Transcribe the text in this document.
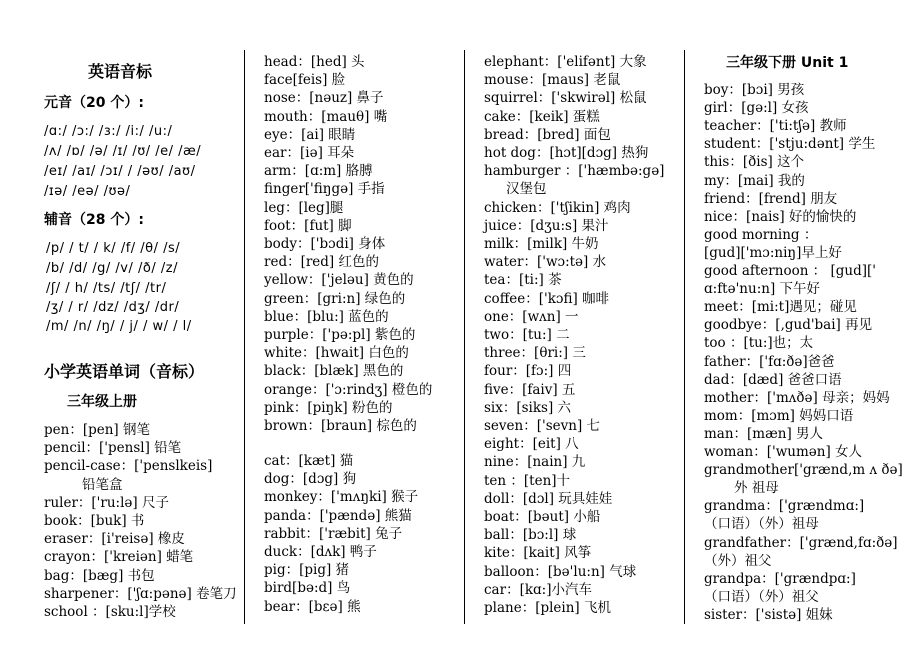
英语音标
元音（20 个）:
/ɑ:/ /ɔ:/ /ɜ:/ /i:/ /u:/
/ʌ/ /ɒ/ /ə/ /ɪ/ /ʊ/ /e/ /æ/
/eɪ/ /aɪ/ /ɔɪ/ / /əʊ/ /aʊ/
/ɪə/ /eə/ /ʊə/
辅音（28 个）:
/p/ / t/ / k/ /f/ /θ/ /s/
/b/ /d/ /g/ /v/ /ð/ /z/
/ʃ/ / h/ /ts/ /tʃ/ /tr/
/ʒ/ / r/ /dz/ /dʒ/ /dr/
/m/ /n/ /ŋ/ / j/ / w/ / l/
小学英语单词（音标）
三年级上册
pen：[pen] 钢笔
pencil：['pensl] 铅笔
pencil-case：['penslkeis]
铅笔盒
ruler：['ru:lə] 尺子
book：[buk] 书
eraser：[i'reisə] 橡皮
crayon：['kreiən] 蜡笔
bag：[bæg] 书包
sharpener：['ʃɑ:pənə] 卷笔刀
school ：[sku:l]学校
head：[hed] 头
face[feis] 脸
nose：[nəuz] 鼻子
mouth：[mauθ] 嘴
eye：[ai] 眼睛
ear：[iə] 耳朵
arm：[ɑ:m] 胳膊
finger['fiŋgə] 手指
leg：[leg]腿
foot：[fut] 脚
body：['bɔdi] 身体
red：[red] 红色的
yellow：['jeləu] 黄色的
green：[gri:n] 绿色的
blue：[blu:] 蓝色的
purple：['pə:pl] 紫色的
white：[hwait] 白色的
black：[blæk] 黑色的
orange：['ɔ:rindʒ] 橙色的
pink：[piŋk] 粉色的
brown：[braun] 棕色的
cat：[kæt] 猫
dog：[dɔg] 狗
monkey：['mʌŋki] 猴子
panda：['pændə] 熊猫
rabbit：['ræbit] 兔子
duck：[dʌk] 鸭子
pig：[pig] 猪
bird[bə:d] 鸟
bear：[bεə] 熊
elephant：['elifənt] 大象
mouse：[maus] 老鼠
squirrel：['skwirəl] 松鼠
cake：[keik] 蛋糕
bread：[bred] 面包
hot dog：[hɔt][dɔg] 热狗
hamburger ：['hæmbə:gə]
汉堡包
chicken：['tʃikin] 鸡肉
juice：[dʒu:s] 果汁
milk：[milk] 牛奶
water：['wɔ:tə] 水
tea：[ti:] 茶
coffee：['kɔfi] 咖啡
one：[wʌn] 一
two：[tu:] 二
three：[θri:] 三
four：[fɔ:] 四
five：[faiv] 五
six：[siks] 六
seven：['sevn] 七
eight：[eit] 八
nine：[nain] 九
ten ：[ten]十
doll：[dɔl] 玩具娃娃
boat：[bəut] 小船
ball：[bɔ:l] 球
kite：[kait] 风筝
balloon：[bə'lu:n] 气球
car：[kɑ:]小汽车
plane：[plein] 飞机
三年级下册 Unit 1
boy：[bɔi] 男孩
girl：[gə:l] 女孩
teacher：['ti:tʃə] 教师
student：['stju:dənt] 学生
this：[ðis] 这个
my：[mai] 我的
friend：[frend] 朋友
nice：[nais] 好的愉快的
good morning ：
[gud]['mɔ:niŋ]早上好
good afternoon ： [gud]['
ɑ:ftə'nu:n] 下午好
meet：[mi:t]遇见；碰见
goodbye：[,gud'bai] 再见
too ：[tu:]也；太
father：['fɑ:ðə]爸爸
dad：[dæd] 爸爸口语
mother：['mʌðə] 母亲；妈妈
mom：[mɔm] 妈妈口语
man：[mæn] 男人
woman：['wumən] 女人
grandmother['grænd,m ʌ ðə]
外 祖母
grandma：['grændmɑ:]
（口语）（外）祖母
grandfather：['grænd,fɑ:ðə]
（外）祖父
grandpa：['grændpɑ:]
（口语）（外）祖父
sister：['sistə] 姐妹
